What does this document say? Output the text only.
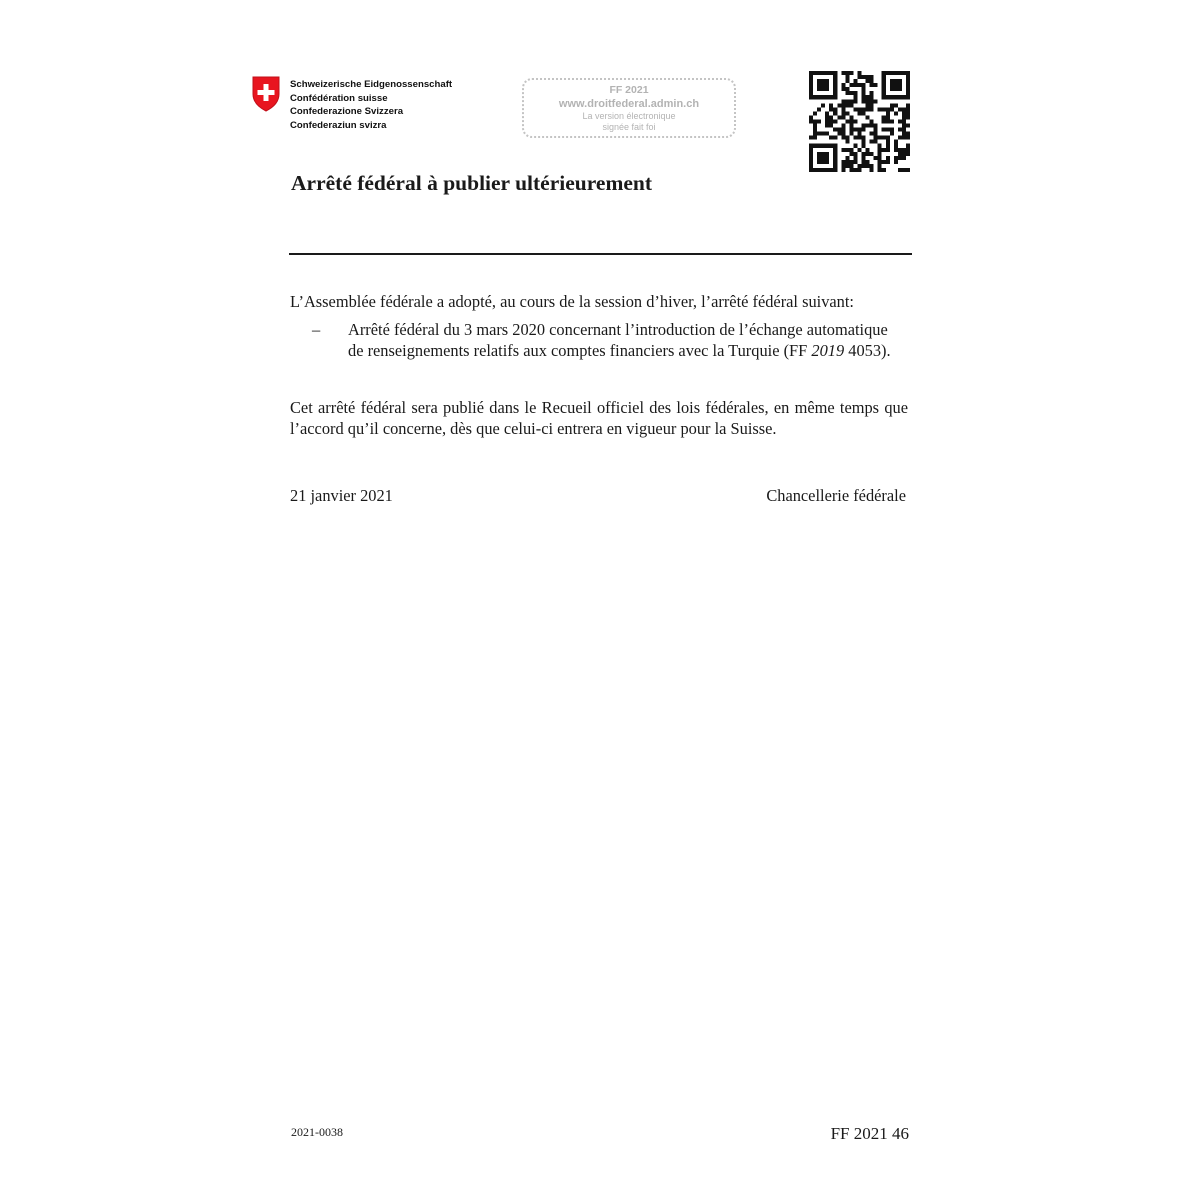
Schweizerische Eidgenossenschaft
Confédération suisse
Confederazione Svizzera
Confederaziun svizra
FF 2021
www.droitfederal.admin.ch
La version électronique
signée fait foi
Arrêté fédéral à publier ultérieurement
L’Assemblée fédérale a adopté, au cours de la session d’hiver, l’arrêté fédéral suivant:
– Arrêté fédéral du 3 mars 2020 concernant l’introduction de l’échange automatique de renseignements relatifs aux comptes financiers avec la Turquie (FF 2019 4053).
Cet arrêté fédéral sera publié dans le Recueil officiel des lois fédérales, en même temps que l’accord qu’il concerne, dès que celui-ci entrera en vigueur pour la Suisse.
21 janvier 2021	Chancellerie fédérale
2021-0038	FF 2021 46
